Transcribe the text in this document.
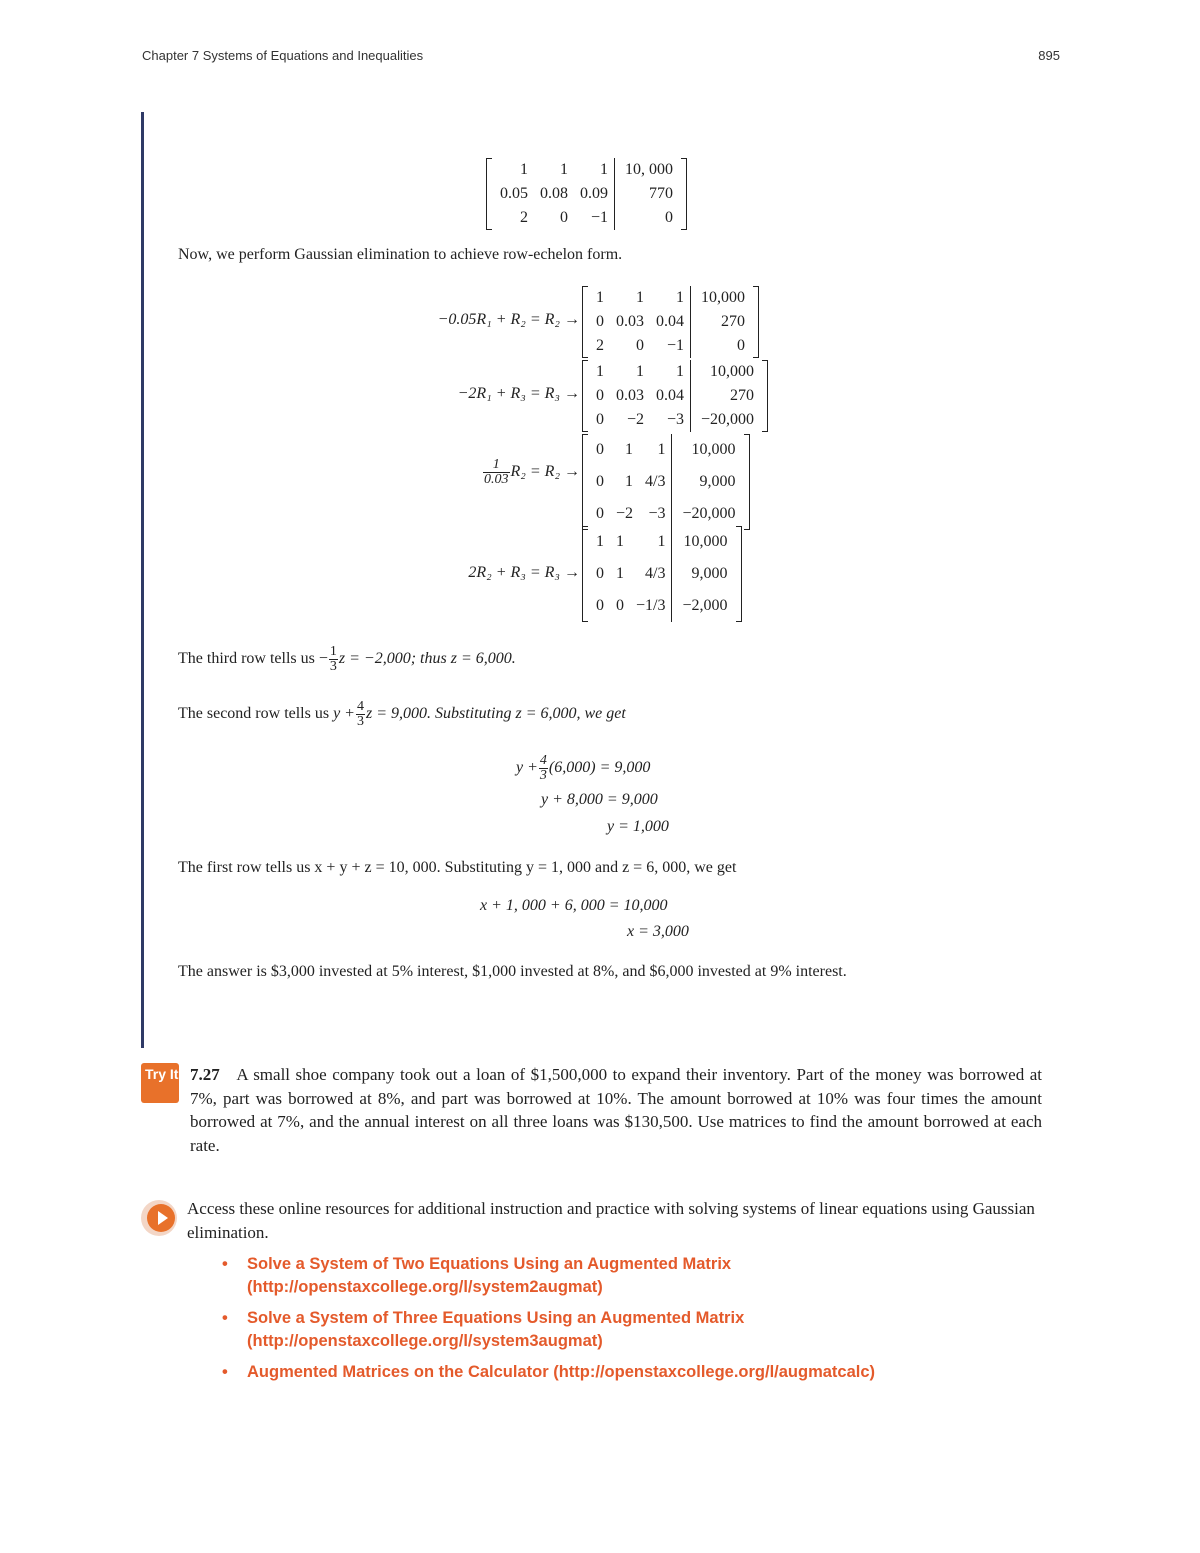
Chapter 7 Systems of Equations and Inequalities	895
1	1	1		10, 000
0.05	0.08	0.09		770
2	0	−1		0
Now, we perform Gaussian elimination to achieve row-echelon form.
−0.05R₁ + R₂ = R₂ →
1	1	1		10,000
0	0.03	0.04		270
2	0	−1		0
−2R₁ + R₃ = R₃ →
1	1	1		10,000
0	0.03	0.04		270
0	−2	−3		−20,000
$\frac{1}{0.03} R_2 = R_2$ →
0	1	1		10,000
0	1	4/3		9,000
0	−2	−3		−20,000
2R₂ + R₃ = R₃ →
1	1	1		10,000
0	1	4/3		9,000
0	0	−1/3		−2,000
The third row tells us − $\frac{1}{3}$ z = −2,000; thus z = 6,000.
The second row tells us $y + \frac{4}{3}$ z = 9,000. Substituting z = 6,000, we get
$y + \frac{4}{3} (6,000) = 9,000$
y + 8,000 = 9,000
y = 1,000
The first row tells us x + y + z = 10, 000. Substituting y = 1, 000 and z = 6, 000, we get
x + 1, 000 + 6, 000 = 10,000
x = 3,000
The answer is $3,000 invested at 5% interest, $1,000 invested at 8%, and $6,000 invested at 9% interest.
Try It 7.27 A small shoe company took out a loan of $1,500,000 to expand their inventory. Part of the money was borrowed at 7%, part was borrowed at 8%, and part was borrowed at 10%. The amount borrowed at 10% was four times the amount borrowed at 7%, and the annual interest on all three loans was $130,500. Use matrices to find the amount borrowed at each rate.
Access these online resources for additional instruction and practice with solving systems of linear equations using Gaussian elimination.
• Solve a System of Two Equations Using an Augmented Matrix
(http://openstaxcollege.org/l/system2augmat)
• Solve a System of Three Equations Using an Augmented Matrix
(http://openstaxcollege.org/l/system3augmat)
• Augmented Matrices on the Calculator (http://openstaxcollege.org/l/augmatcalc)
